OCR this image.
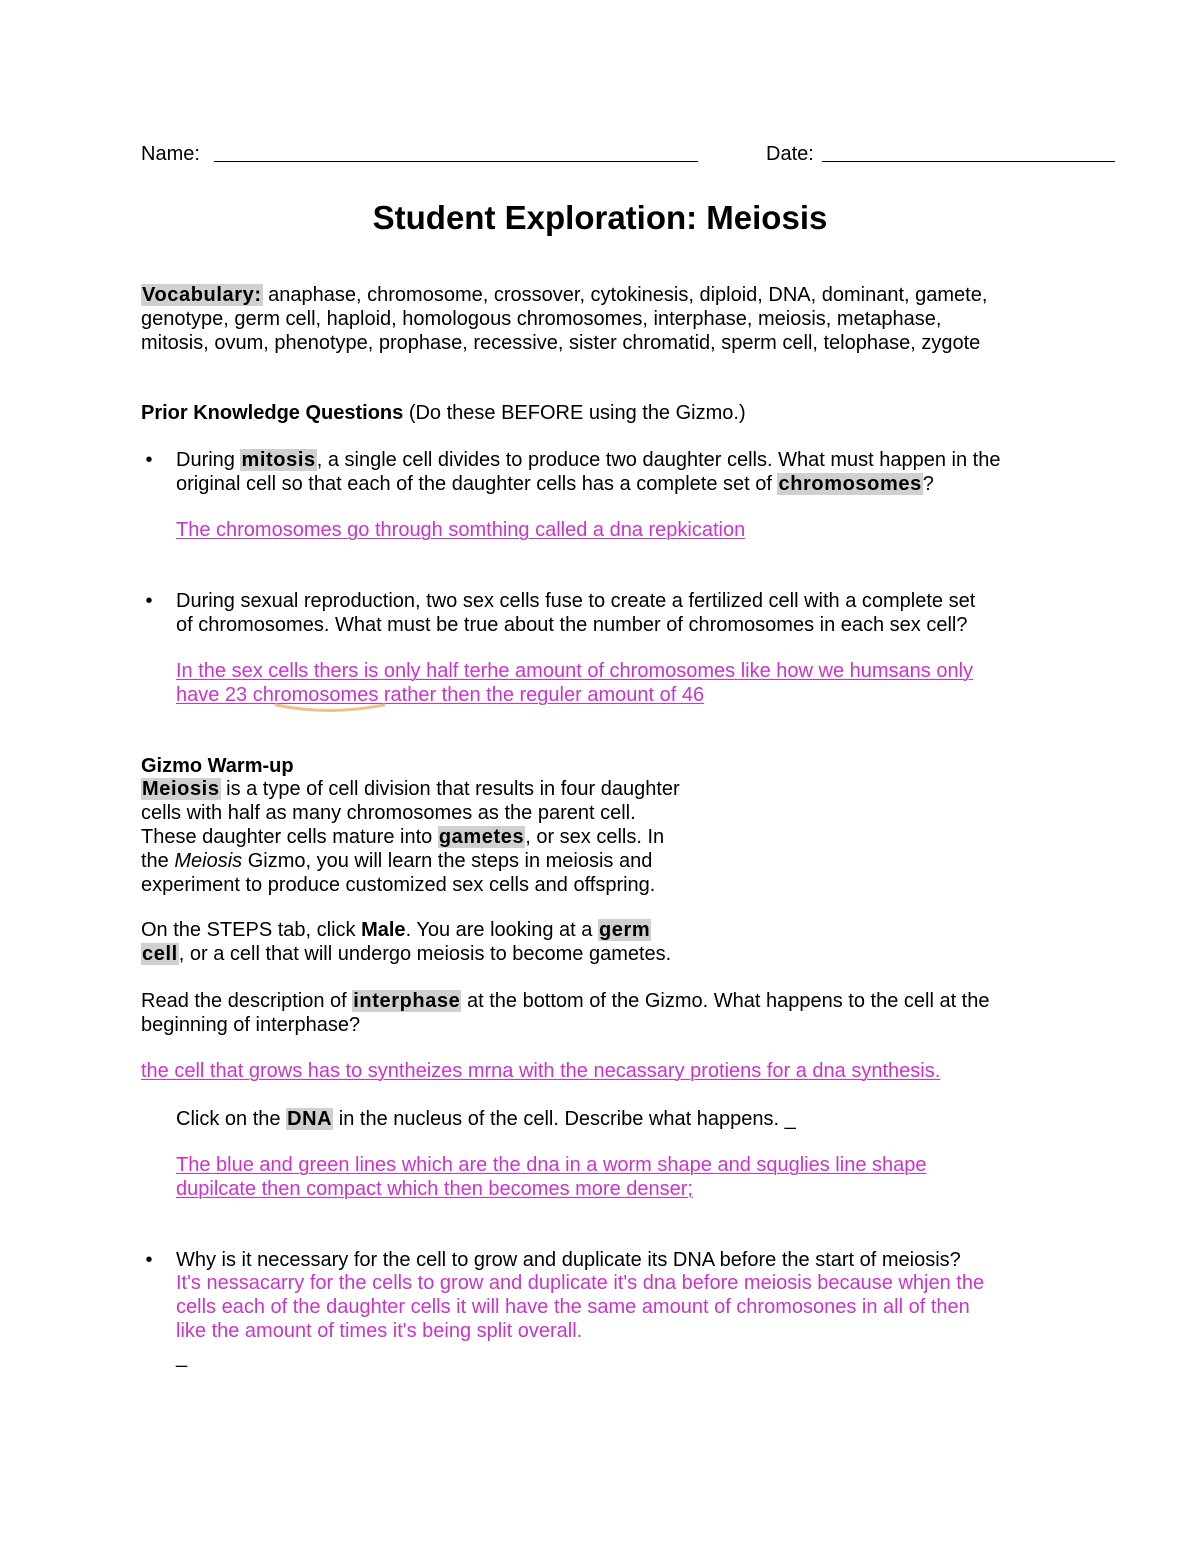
Name:	Date:
Student Exploration: Meiosis
Vocabulary: anaphase, chromosome, crossover, cytokinesis, diploid, DNA, dominant, gamete,
genotype, germ cell, haploid, homologous chromosomes, interphase, meiosis, metaphase,
mitosis, ovum, phenotype, prophase, recessive, sister chromatid, sperm cell, telophase, zygote
Prior Knowledge Questions (Do these BEFORE using the Gizmo.)
• During mitosis, a single cell divides to produce two daughter cells. What must happen in the
original cell so that each of the daughter cells has a complete set of chromosomes?
The chromosomes go through somthing called a dna repkication
• During sexual reproduction, two sex cells fuse to create a fertilized cell with a complete set
of chromosomes. What must be true about the number of chromosomes in each sex cell?
In the sex cells thers is only half terhe amount of chromosomes like how we humsans only
have 23 chromosomes rather then the reguler amount of 46
Gizmo Warm-up
Meiosis is a type of cell division that results in four daughter
cells with half as many chromosomes as the parent cell.
These daughter cells mature into gametes, or sex cells. In
the Meiosis Gizmo, you will learn the steps in meiosis and
experiment to produce customized sex cells and offspring.
On the STEPS tab, click Male. You are looking at a germ
cell, or a cell that will undergo meiosis to become gametes.
Read the description of interphase at the bottom of the Gizmo. What happens to the cell at the
beginning of interphase?
the cell that grows has to syntheizes mrna with the necassary protiens for a dna synthesis.
Click on the DNA in the nucleus of the cell. Describe what happens. _
The blue and green lines which are the dna in a worm shape and squglies line shape
dupilcate then compact which then becomes more denser;
• Why is it necessary for the cell to grow and duplicate its DNA before the start of meiosis?
It's nessacarry for the cells to grow and duplicate it's dna before meiosis because whjen the
cells each of the daughter cells it will have the same amount of chromosones in all of then
like the amount of times it's being split overall.
_
